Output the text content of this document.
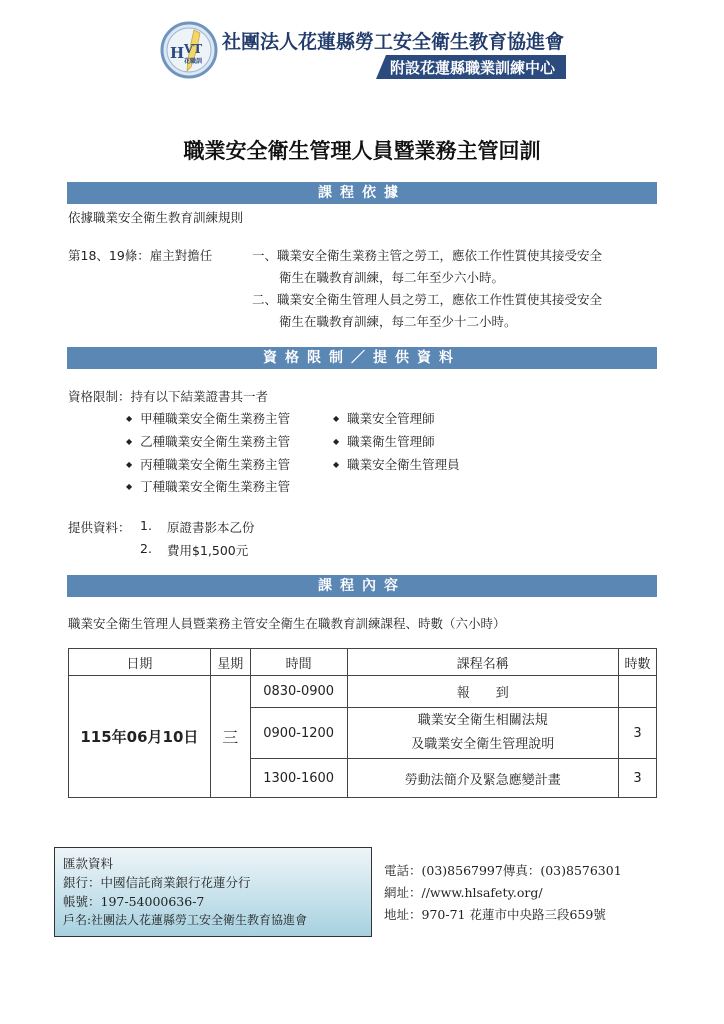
H VT
花職訓
社團法人花蓮縣勞工安全衛生教育協進會
附設花蓮縣職業訓練中心
職業安全衛生管理人員暨業務主管回訓
課程依據
依據職業安全衛生教育訓練規則
第18、19條：雇主對擔任	一、職業安全衛生業務主管之勞工，應依工作性質使其接受安全
衛生在職教育訓練，每二年至少六小時。
二、職業安全衛生管理人員之勞工，應依工作性質使其接受安全
衛生在職教育訓練，每二年至少十二小時。
資格限制／提供資料
資格限制：持有以下結業證書其一者
◆ 甲種職業安全衛生業務主管
◆ 乙種職業安全衛生業務主管
◆ 丙種職業安全衛生業務主管
◆ 丁種職業安全衛生業務主管
◆ 職業安全管理師
◆ 職業衛生管理師
◆ 職業安全衛生管理員
提供資料： 1. 原證書影本乙份
2. 費用$1,500元
課程內容
職業安全衛生管理人員暨業務主管安全衛生在職教育訓練課程、時數（六小時）
日期	星期	時間	課程名稱	時數
115年06月10日	三	0830-0900	報　　到	
		0900-1200	職業安全衛生相關法規
及職業安全衛生管理說明	3
		1300-1600	勞動法簡介及緊急應變計畫	3
匯款資料
銀行：中國信託商業銀行花蓮分行
帳號：197-54000636-7
戶名:社團法人花蓮縣勞工安全衛生教育協進會
電話：(03)8567997傳真：(03)8576301
網址：//www.hlsafety.org/
地址：970-71 花蓮市中央路三段659號
